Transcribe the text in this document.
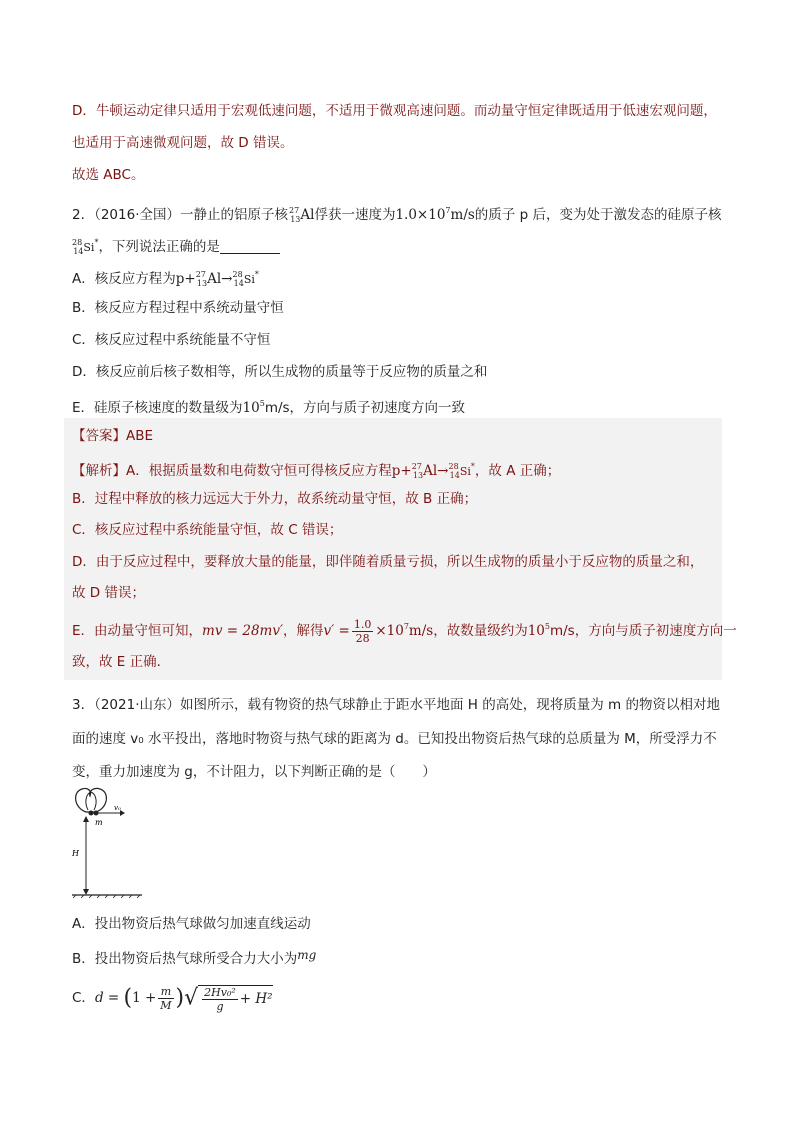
D．牛顿运动定律只适用于宏观低速问题，不适用于微观高速问题。而动量守恒定律既适用于低速宏观问题，
也适用于高速微观问题，故 D 错误。
故选 ABC。
2．（2016·全国）一静止的铝原子核$^{27}_{13}$Al俘获一速度为$1.0\times 10^7m/s$的质子 p 后，变为处于激发态的硅原子核
$^{28}_{14}$Si*，下列说法正确的是
A．核反应方程为p+$^{27}_{13}$Al→$^{28}_{14}$Si*
B．核反应方程过程中系统动量守恒
C．核反应过程中系统能量不守恒
D．核反应前后核子数相等，所以生成物的质量等于反应物的质量之和
E．硅原子核速度的数量级为$10^5m/s$，方向与质子初速度方向一致
【答案】ABE
【解析】A．根据质量数和电荷数守恒可得核反应方程p+$^{27}_{13}$Al→$^{28}_{14}$Si*，故 A 正确；
B．过程中释放的核力远远大于外力，故系统动量守恒，故 B 正确；
C．核反应过程中系统能量守恒，故 C 错误；
D．由于反应过程中，要释放大量的能量，即伴随着质量亏损，所以生成物的质量小于反应物的质量之和，
故 D 错误；
E．由动量守恒可知，mv = 28mv′，解得$v' = \frac{1.0}{28} \times 10^7m/s$，故数量级约为$10^5m/s$，方向与质子初速度方向一
致，故 E 正确．
3．（2021·山东）如图所示，载有物资的热气球静止于距水平地面 H 的高处，现将质量为 m 的物资以相对地
面的速度 v₀ 水平投出，落地时物资与热气球的距离为 d。已知投出物资后热气球的总质量为 M，所受浮力不
变，重力加速度为 g，不计阻力，以下判断正确的是（　　）
v₀
m
H
A．投出物资后热气球做匀加速直线运动
B．投出物资后热气球所受合力大小为mg
C．$d = (1 + \frac{m}{M}$ )√ $\frac{\text{2Hv₀²}}{g} + H^2$
